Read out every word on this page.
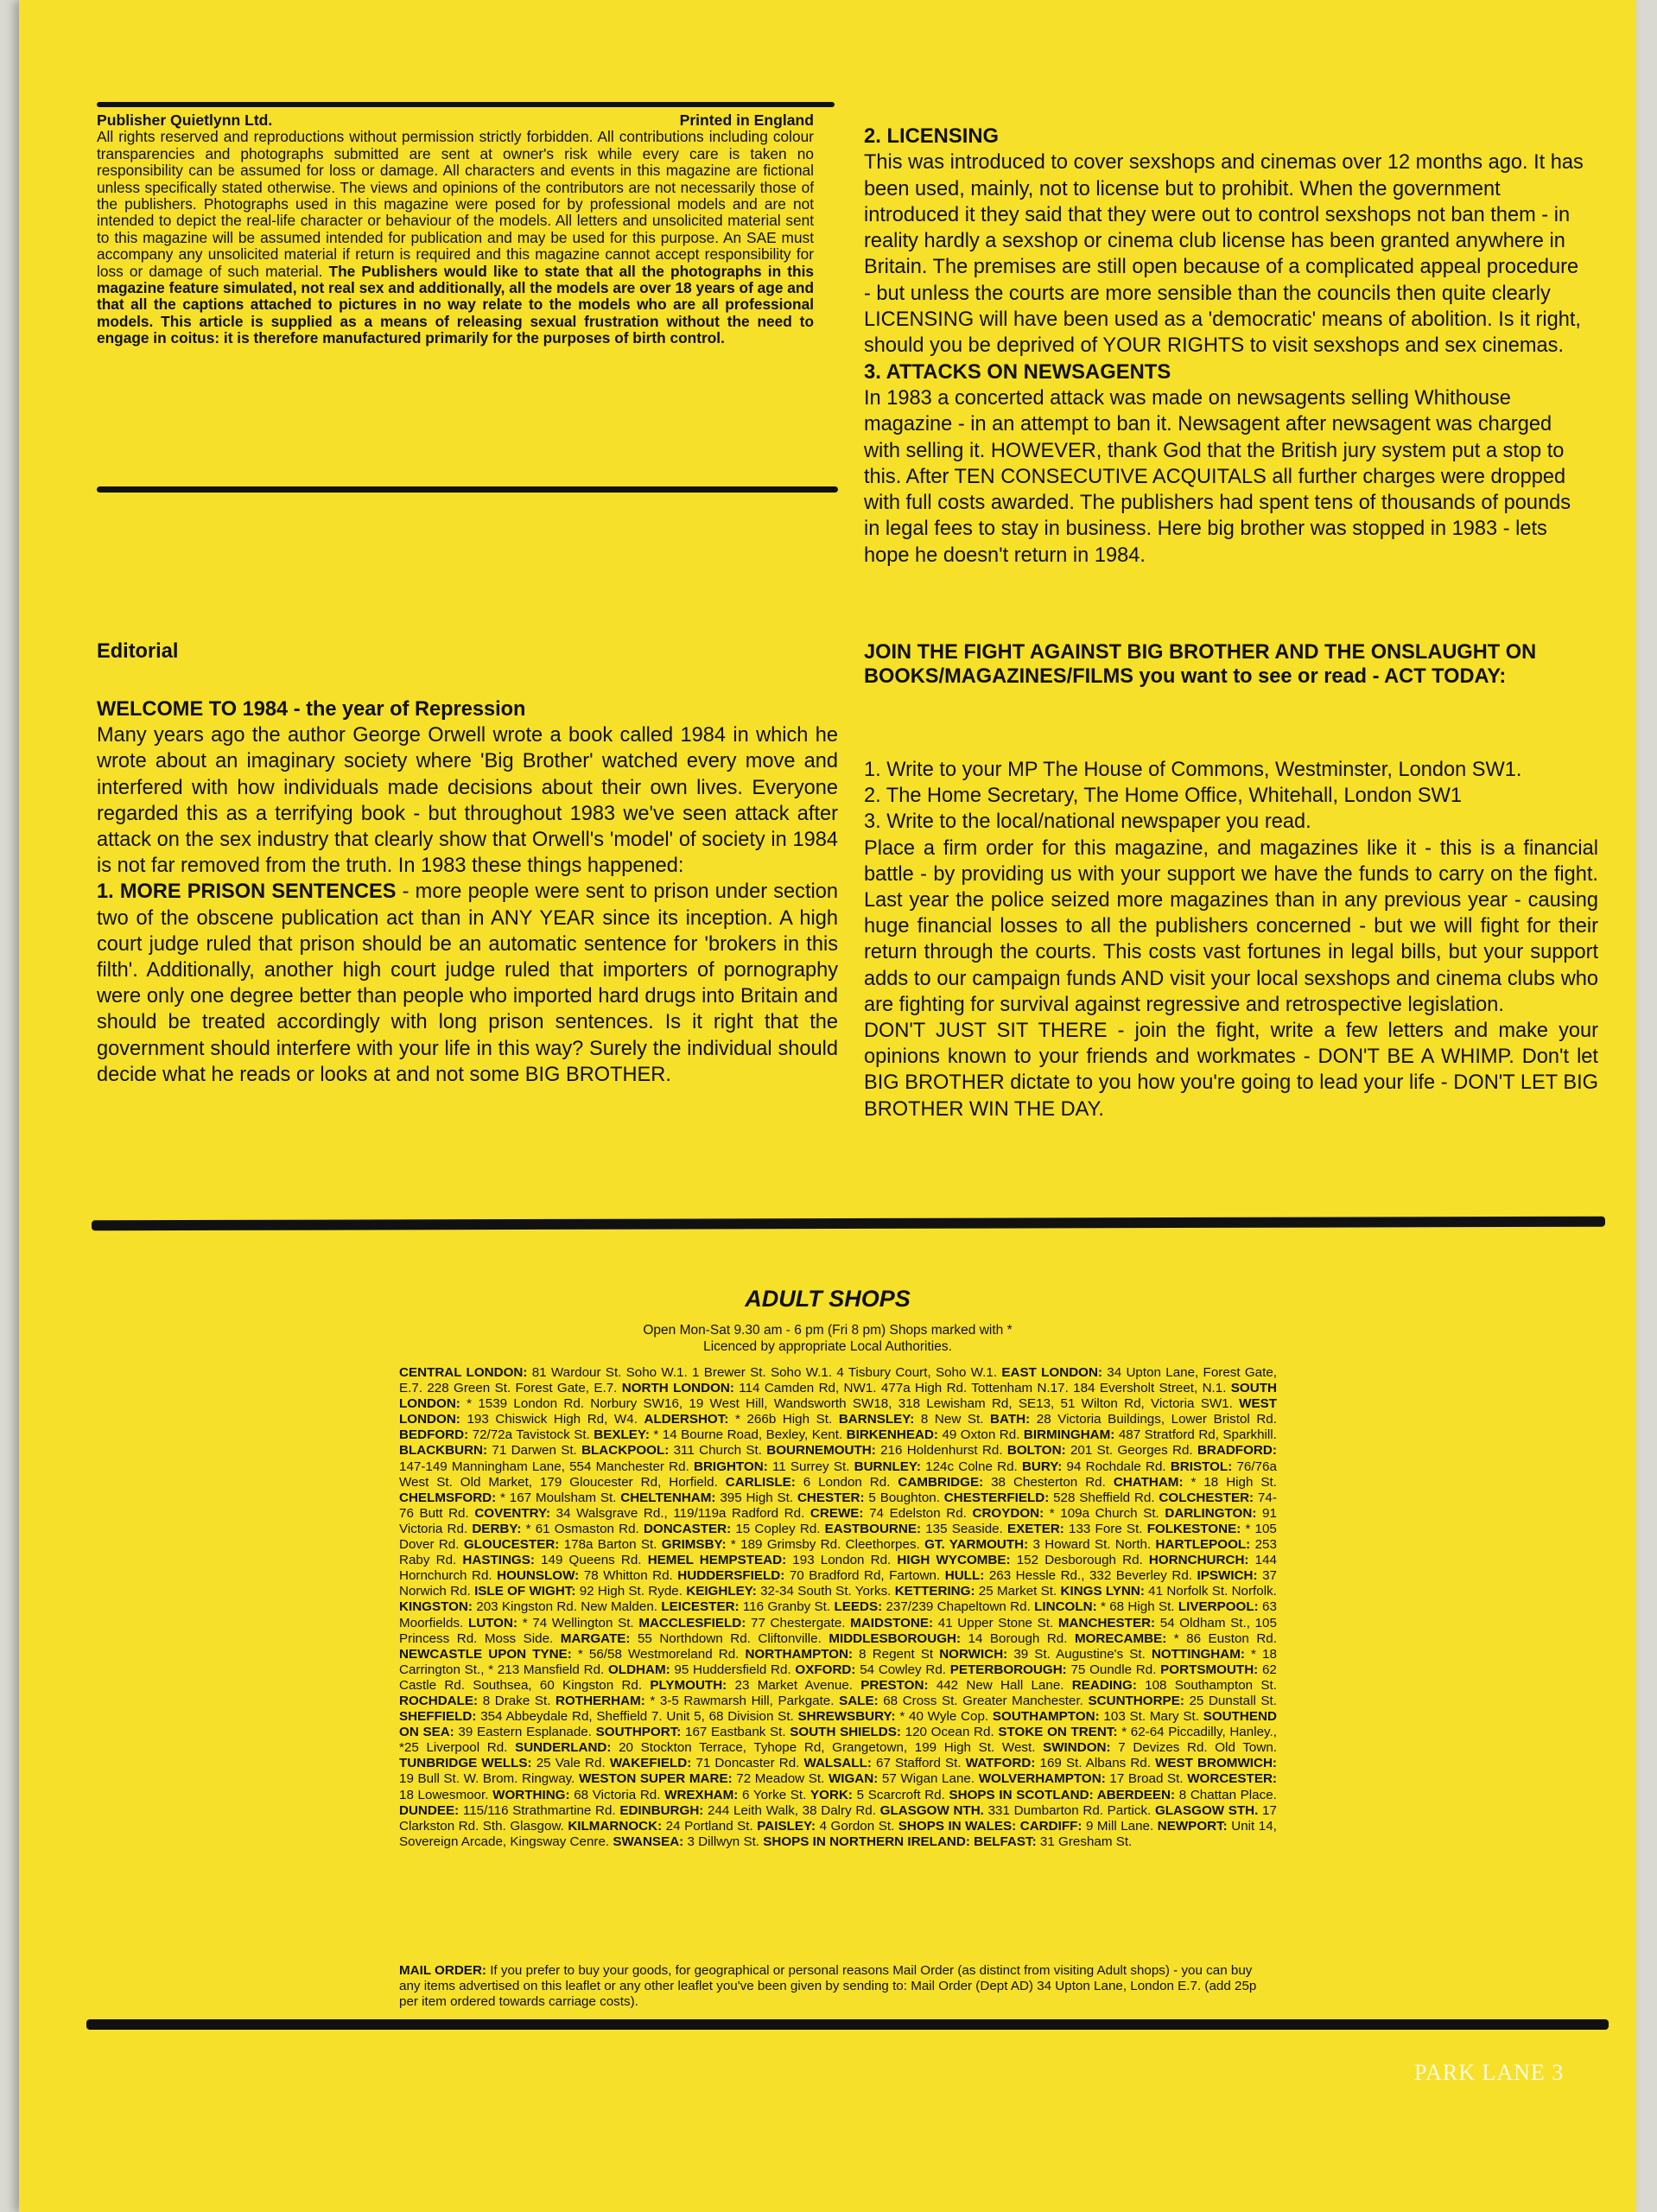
Publisher Quietlynn Ltd.	Printed in England
All rights reserved and reproductions without permission strictly forbidden. All contributions including colour transparencies and photographs submitted are sent at owner's risk while every care is taken no responsibility can be assumed for loss or damage. All characters and events in this magazine are fictional unless specifically stated otherwise. The views and opinions of the contributors are not necessarily those of the publishers. Photographs used in this magazine were posed for by professional models and are not intended to depict the real-life character or behaviour of the models. All letters and unsolicited material sent to this magazine will be assumed intended for publication and may be used for this purpose. An SAE must accompany any unsolicited material if return is required and this magazine cannot accept responsibility for loss or damage of such material. The Publishers would like to state that all the photographs in this magazine feature simulated, not real sex and additionally, all the models are over 18 years of age and that all the captions attached to pictures in no way relate to the models who are all professional models. This article is supplied as a means of releasing sexual frustration without the need to engage in coitus: it is therefore manufactured primarily for the purposes of birth control.
2. LICENSING
This was introduced to cover sexshops and cinemas over 12 months ago. It has been used, mainly, not to license but to prohibit. When the government introduced it they said that they were out to control sexshops not ban them - in reality hardly a sexshop or cinema club license has been granted anywhere in Britain. The premises are still open because of a complicated appeal procedure - but unless the courts are more sensible than the councils then quite clearly LICENSING will have been used as a 'democratic' means of abolition. Is it right, should you be deprived of YOUR RIGHTS to visit sexshops and sex cinemas.
3. ATTACKS ON NEWSAGENTS
In 1983 a concerted attack was made on newsagents selling Whithouse magazine - in an attempt to ban it. Newsagent after newsagent was charged with selling it. HOWEVER, thank God that the British jury system put a stop to this. After TEN CONSECUTIVE ACQUITALS all further charges were dropped with full costs awarded. The publishers had spent tens of thousands of pounds in legal fees to stay in business. Here big brother was stopped in 1983 - lets hope he doesn't return in 1984.
Editorial
WELCOME TO 1984 - the year of Repression
Many years ago the author George Orwell wrote a book called 1984 in which he wrote about an imaginary society where 'Big Brother' watched every move and interfered with how individuals made decisions about their own lives. Everyone regarded this as a terrifying book - but throughout 1983 we've seen attack after attack on the sex industry that clearly show that Orwell's 'model' of society in 1984 is not far removed from the truth. In 1983 these things happened:
1. MORE PRISON SENTENCES - more people were sent to prison under section two of the obscene publication act than in ANY YEAR since its inception. A high court judge ruled that prison should be an automatic sentence for 'brokers in this filth'. Additionally, another high court judge ruled that importers of pornography were only one degree better than people who imported hard drugs into Britain and should be treated accordingly with long prison sentences. Is it right that the government should interfere with your life in this way? Surely the individual should decide what he reads or looks at and not some BIG BROTHER.
JOIN THE FIGHT AGAINST BIG BROTHER AND THE ONSLAUGHT ON BOOKS/MAGAZINES/FILMS you want to see or read - ACT TODAY:
1. Write to your MP The House of Commons, Westminster, London SW1.
2. The Home Secretary, The Home Office, Whitehall, London SW1
3. Write to the local/national newspaper you read.
Place a firm order for this magazine, and magazines like it - this is a financial battle - by providing us with your support we have the funds to carry on the fight. Last year the police seized more magazines than in any previous year - causing huge financial losses to all the publishers concerned - but we will fight for their return through the courts. This costs vast fortunes in legal bills, but your support adds to our campaign funds AND visit your local sexshops and cinema clubs who are fighting for survival against regressive and retrospective legislation.
DON'T JUST SIT THERE - join the fight, write a few letters and make your opinions known to your friends and workmates - DON'T BE A WHIMP. Don't let BIG BROTHER dictate to you how you're going to lead your life - DON'T LET BIG BROTHER WIN THE DAY.
ADULT SHOPS
Open Mon-Sat 9.30 am - 6 pm (Fri 8 pm) Shops marked with *
Licenced by appropriate Local Authorities.
CENTRAL LONDON: 81 Wardour St. Soho W.1. 1 Brewer St. Soho W.1. 4 Tisbury Court, Soho W.1. EAST LONDON: 34 Upton Lane, Forest Gate, E.7. 228 Green St. Forest Gate, E.7. NORTH LONDON: 114 Camden Rd, NW1. 477a High Rd. Tottenham N.17. 184 Eversholt Street, N.1. SOUTH LONDON: * 1539 London Rd. Norbury SW16, 19 West Hill, Wandsworth SW18, 318 Lewisham Rd, SE13, 51 Wilton Rd, Victoria SW1. WEST LONDON: 193 Chiswick High Rd, W4. ALDERSHOT: * 266b High St. BARNSLEY: 8 New St. BATH: 28 Victoria Buildings, Lower Bristol Rd. BEDFORD: 72/72a Tavistock St. BEXLEY: * 14 Bourne Road, Bexley, Kent. BIRKENHEAD: 49 Oxton Rd. BIRMINGHAM: 487 Stratford Rd, Sparkhill. BLACKBURN: 71 Darwen St. BLACKPOOL: 311 Church St. BOURNEMOUTH: 216 Holdenhurst Rd. BOLTON: 201 St. Georges Rd. BRADFORD: 147-149 Manningham Lane, 554 Manchester Rd. BRIGHTON: 11 Surrey St. BURNLEY: 124c Colne Rd. BURY: 94 Rochdale Rd. BRISTOL: 76/76a West St. Old Market, 179 Gloucester Rd, Horfield. CARLISLE: 6 London Rd. CAMBRIDGE: 38 Chesterton Rd. CHATHAM: * 18 High St. CHELMSFORD: * 167 Moulsham St. CHELTENHAM: 395 High St. CHESTER: 5 Boughton. CHESTERFIELD: 528 Sheffield Rd. COLCHESTER: 74-76 Butt Rd. COVENTRY: 34 Walsgrave Rd., 119/119a Radford Rd. CREWE: 74 Edelston Rd. CROYDON: * 109a Church St. DARLINGTON: 91 Victoria Rd. DERBY: * 61 Osmaston Rd. DONCASTER: 15 Copley Rd. EASTBOURNE: 135 Seaside. EXETER: 133 Fore St. FOLKESTONE: * 105 Dover Rd. GLOUCESTER: 178a Barton St. GRIMSBY: * 189 Grimsby Rd. Cleethorpes. GT. YARMOUTH: 3 Howard St. North. HARTLEPOOL: 253 Raby Rd. HASTINGS: 149 Queens Rd. HEMEL HEMPSTEAD: 193 London Rd. HIGH WYCOMBE: 152 Desborough Rd. HORNCHURCH: 144 Hornchurch Rd. HOUNSLOW: 78 Whitton Rd. HUDDERSFIELD: 70 Bradford Rd, Fartown. HULL: 263 Hessle Rd., 332 Beverley Rd. IPSWICH: 37 Norwich Rd. ISLE OF WIGHT: 92 High St. Ryde. KEIGHLEY: 32-34 South St. Yorks. KETTERING: 25 Market St. KINGS LYNN: 41 Norfolk St. Norfolk. KINGSTON: 203 Kingston Rd. New Malden. LEICESTER: 116 Granby St. LEEDS: 237/239 Chapeltown Rd. LINCOLN: * 68 High St. LIVERPOOL: 63 Moorfields. LUTON: * 74 Wellington St. MACCLESFIELD: 77 Chestergate. MAIDSTONE: 41 Upper Stone St. MANCHESTER: 54 Oldham St., 105 Princess Rd. Moss Side. MARGATE: 55 Northdown Rd. Cliftonville. MIDDLESBOROUGH: 14 Borough Rd. MORECAMBE: * 86 Euston Rd. NEWCASTLE UPON TYNE: * 56/58 Westmoreland Rd. NORTHAMPTON: 8 Regent St NORWICH: 39 St. Augustine's St. NOTTINGHAM: * 18 Carrington St., * 213 Mansfield Rd. OLDHAM: 95 Huddersfield Rd. OXFORD: 54 Cowley Rd. PETERBOROUGH: 75 Oundle Rd. PORTSMOUTH: 62 Castle Rd. Southsea, 60 Kingston Rd. PLYMOUTH: 23 Market Avenue. PRESTON: 442 New Hall Lane. READING: 108 Southampton St. ROCHDALE: 8 Drake St. ROTHERHAM: * 3-5 Rawmarsh Hill, Parkgate. SALE: 68 Cross St. Greater Manchester. SCUNTHORPE: 25 Dunstall St. SHEFFIELD: 354 Abbeydale Rd, Sheffield 7. Unit 5, 68 Division St. SHREWSBURY: * 40 Wyle Cop. SOUTHAMPTON: 103 St. Mary St. SOUTHEND ON SEA: 39 Eastern Esplanade. SOUTHPORT: 167 Eastbank St. SOUTH SHIELDS: 120 Ocean Rd. STOKE ON TRENT: * 62-64 Piccadilly, Hanley., *25 Liverpool Rd. SUNDERLAND: 20 Stockton Terrace, Tyhope Rd, Grangetown, 199 High St. West. SWINDON: 7 Devizes Rd. Old Town. TUNBRIDGE WELLS: 25 Vale Rd. WAKEFIELD: 71 Doncaster Rd. WALSALL: 67 Stafford St. WATFORD: 169 St. Albans Rd. WEST BROMWICH: 19 Bull St. W. Brom. Ringway. WESTON SUPER MARE: 72 Meadow St. WIGAN: 57 Wigan Lane. WOLVERHAMPTON: 17 Broad St. WORCESTER: 18 Lowesmoor. WORTHING: 68 Victoria Rd. WREXHAM: 6 Yorke St. YORK: 5 Scarcroft Rd. SHOPS IN SCOTLAND: ABERDEEN: 8 Chattan Place. DUNDEE: 115/116 Strathmartine Rd. EDINBURGH: 244 Leith Walk, 38 Dalry Rd. GLASGOW NTH. 331 Dumbarton Rd. Partick. GLASGOW STH. 17 Clarkston Rd. Sth. Glasgow. KILMARNOCK: 24 Portland St. PAISLEY: 4 Gordon St. SHOPS IN WALES: CARDIFF: 9 Mill Lane. NEWPORT: Unit 14, Sovereign Arcade, Kingsway Cenre. SWANSEA: 3 Dillwyn St. SHOPS IN NORTHERN IRELAND: BELFAST: 31 Gresham St.
MAIL ORDER: If you prefer to buy your goods, for geographical or personal reasons Mail Order (as distinct from visiting Adult shops) - you can buy any items advertised on this leaflet or any other leaflet you've been given by sending to: Mail Order (Dept AD) 34 Upton Lane, London E.7. (add 25p per item ordered towards carriage costs).
PARK LANE 3
